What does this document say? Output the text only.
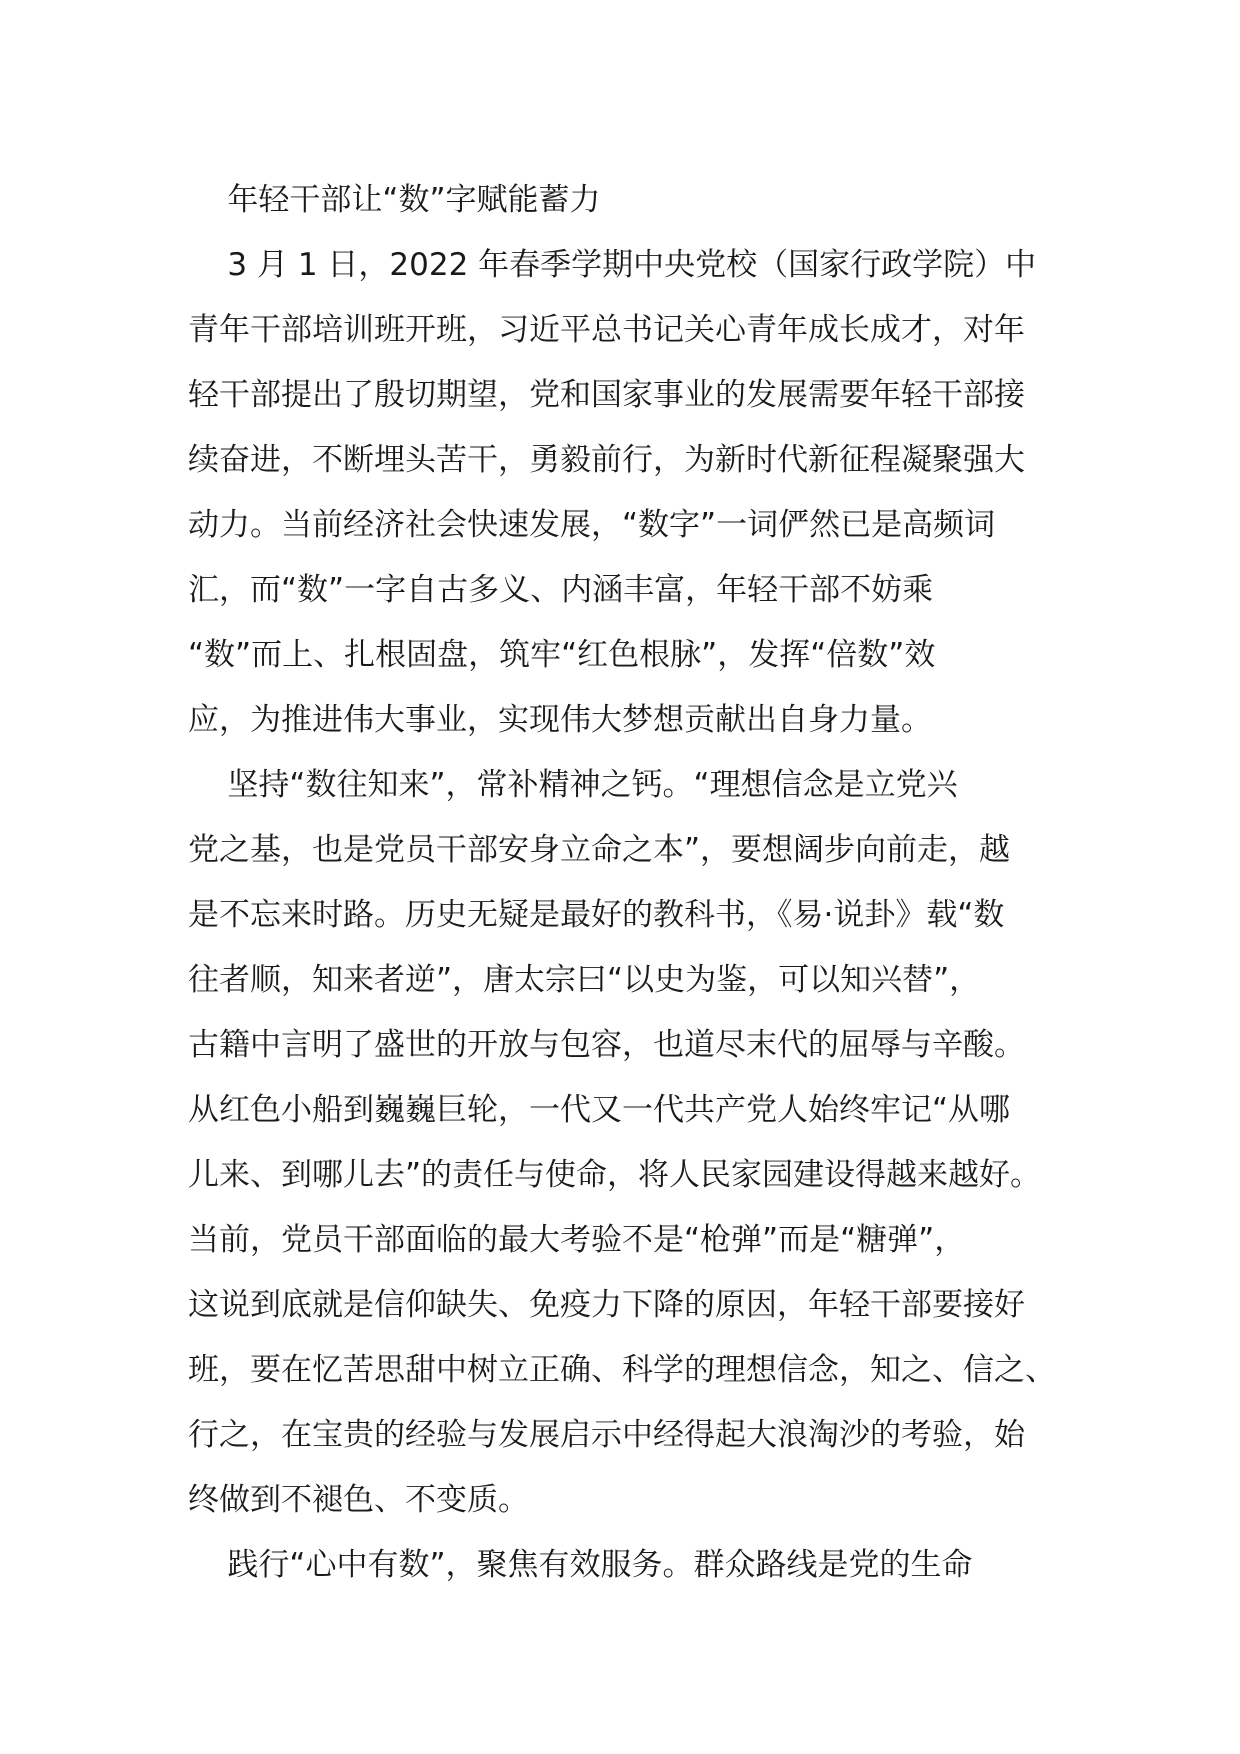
年轻干部让“数”字赋能蓄力
3 月 1 日，2022 年春季学期中央党校（国家行政学院）中
青年干部培训班开班，习近平总书记关心青年成长成才，对年
轻干部提出了殷切期望，党和国家事业的发展需要年轻干部接
续奋进，不断埋头苦干，勇毅前行，为新时代新征程凝聚强大
动力。当前经济社会快速发展，“数字”一词俨然已是高频词
汇，而“数”一字自古多义、内涵丰富，年轻干部不妨乘
“数”而上、扎根固盘，筑牢“红色根脉”，发挥“倍数”效
应，为推进伟大事业，实现伟大梦想贡献出自身力量。
坚持“数往知来”，常补精神之钙。“理想信念是立党兴
党之基，也是党员干部安身立命之本”，要想阔步向前走，越
是不忘来时路。历史无疑是最好的教科书，《易·说卦》载“数
往者顺，知来者逆”，唐太宗曰“以史为鉴，可以知兴替”，
古籍中言明了盛世的开放与包容，也道尽末代的屈辱与辛酸。
从红色小船到巍巍巨轮，一代又一代共产党人始终牢记“从哪
儿来、到哪儿去”的责任与使命，将人民家园建设得越来越好。
当前，党员干部面临的最大考验不是“枪弹”而是“糖弹”，
这说到底就是信仰缺失、免疫力下降的原因，年轻干部要接好
班，要在忆苦思甜中树立正确、科学的理想信念，知之、信之、
行之，在宝贵的经验与发展启示中经得起大浪淘沙的考验，始
终做到不褪色、不变质。
践行“心中有数”，聚焦有效服务。群众路线是党的生命
